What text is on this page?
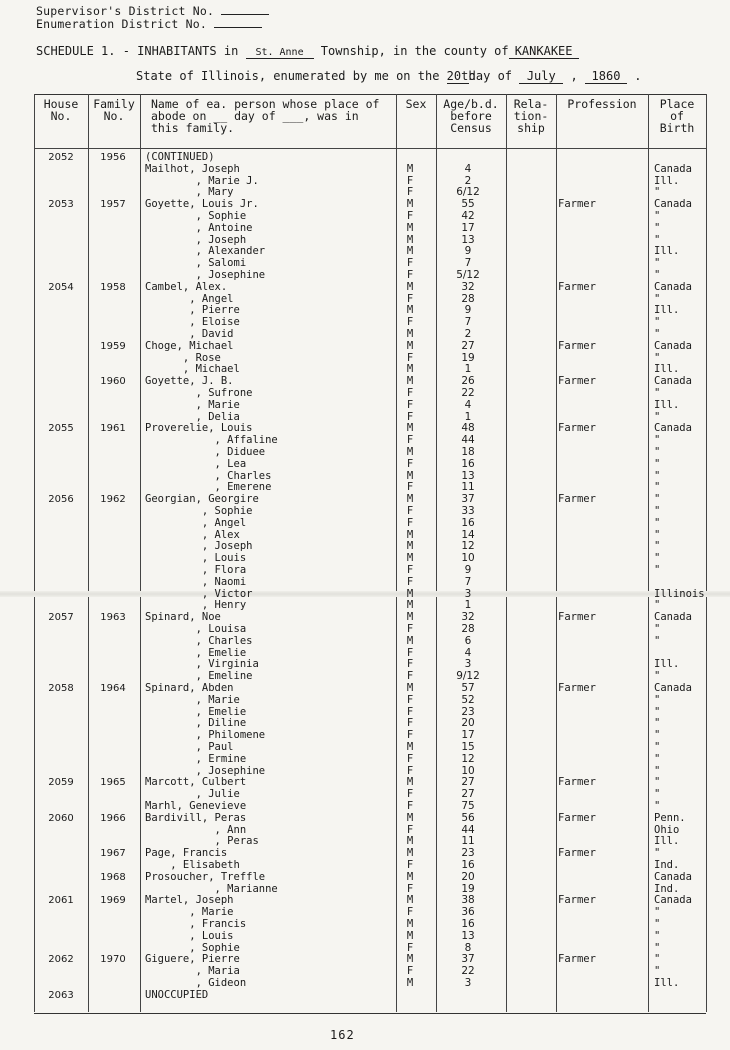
Supervisor's District No.
Enumeration District No.
SCHEDULE 1. - INHABITANTS in St. Anne Township, in the county of KANKAKEE
State of Illinois, enumerated by me on the 20thday of July , 1860 .
House
No.
Family
No.
Name of ea. person whose place of
abode on __ day of ___, was in
this family.
Sex	Age/b.d.
before
Census
Rela-
tion-
ship
Profession	Place
of
Birth
2052	1956	(CONTINUED)
Mailhot, Joseph	M	4	Canada
, Marie J.	F	2	Ill.
, Mary	F	6/12	"
2053	1957	Goyette, Louis Jr.	M	55	Farmer	Canada
, Sophie	F	42	"
, Antoine	M	17	"
, Joseph	M	13	"
, Alexander	M	9	Ill.
, Salomi	F	7	"
, Josephine	F	5/12	"
2054	1958	Cambel, Alex.	M	32	Farmer	Canada
, Angel	F	28	"
, Pierre	M	9	Ill.
, Eloise	F	7	"
, David	M	2	"
1959	Choge, Michael	M	27	Farmer	Canada
, Rose	F	19	"
, Michael	M	1	Ill.
1960	Goyette, J. B.	M	26	Farmer	Canada
, Sufrone	F	22	"
, Marie	F	4	Ill.
, Delia	F	1	"
2055	1961	Proverelie, Louis	M	48	Farmer	Canada
, Affaline	F	44	"
, Diduee	M	18	"
, Lea	F	16	"
, Charles	M	13	"
, Emerene	F	11	"
2056	1962	Georgian, Georgire	M	37	Farmer	"
, Sophie	F	33	"
, Angel	F	16	"
, Alex	M	14	"
, Joseph	M	12	"
, Louis	M	10	"
, Flora	F	9	"
, Naomi	F	7
, Victor	M	3	Illinois
, Henry	M	1	"
2057	1963	Spinard, Noe	M	32	Farmer	Canada
, Louisa	F	28	"
, Charles	M	6	"
, Emelie	F	4
, Virginia	F	3	Ill.
, Emeline	F	9/12	"
2058	1964	Spinard, Abden	M	57	Farmer	Canada
, Marie	F	52	"
, Emelie	F	23	"
, Diline	F	20	"
, Philomene	F	17	"
, Paul	M	15	"
, Ermine	F	12	"
, Josephine	F	10	"
2059	1965	Marcott, Culbert	M	27	Farmer	"
, Julie	F	27	"
Marhl, Genevieve	F	75	"
2060	1966	Bardivill, Peras	M	56	Farmer	Penn.
, Ann	F	44	Ohio
, Peras	M	11	Ill.
1967	Page, Francis	M	23	Farmer	"
, Elisabeth	F	16	Ind.
1968	Prosoucher, Treffle	M	20	Canada
, Marianne	F	19	Ind.
2061	1969	Martel, Joseph	M	38	Farmer	Canada
, Marie	F	36	"
, Francis	M	16	"
, Louis	M	13	"
, Sophie	F	8	"
2062	1970	Giguere, Pierre	M	37	Farmer	"
, Maria	F	22	"
, Gideon	M	3	Ill.
2063	UNOCCUPIED
162
